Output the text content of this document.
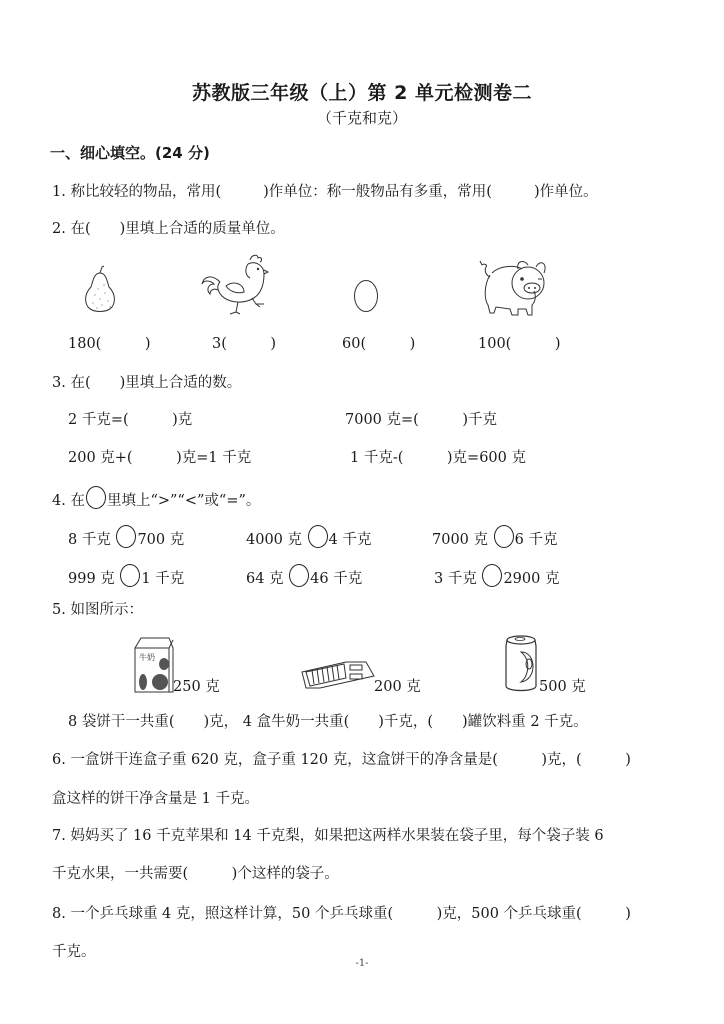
苏教版三年级（上）第 2 单元检测卷二
（千克和克）
一、细心填空。(24 分)
1. 称比较轻的物品，常用(	)作单位：称一般物品有多重，常用(	)作单位。
2. 在(　　)里填上合适的质量单位。
180(　　　)	3(　　　)	60(　　　)	100(　　　)
3. 在(　　)里填上合适的数。
2 千克=(　　　)克	7000 克=(　　　)千克
200 克+(　　　)克=1 千克	1 千克-(　　　)克=600 克
4. 在 里填上“>”“<”或“=”。
8 千克 700 克	4000 克 4 千克	7000 克 6 千克
999 克 1 千克	64 克 46 千克	3 千克 2900 克
5. 如图所示：
牛奶
250 克	200 克	500 克
8 袋饼干一共重(　　)克， 4 盒牛奶一共重(　　)千克，(　　)罐饮料重 2 千克。
6. 一盒饼干连盒子重 620 克，盒子重 120 克，这盒饼干的净含量是(　　　)克，(　　　)
盒这样的饼干净含量是 1 千克。
7. 妈妈买了 16 千克苹果和 14 千克梨，如果把这两样水果装在袋子里，每个袋子装 6
千克水果，一共需要(　　　)个这样的袋子。
8. 一个乒乓球重 4 克，照这样计算，50 个乒乓球重(　　　)克，500 个乒乓球重(　　　)
千克。
-1-
